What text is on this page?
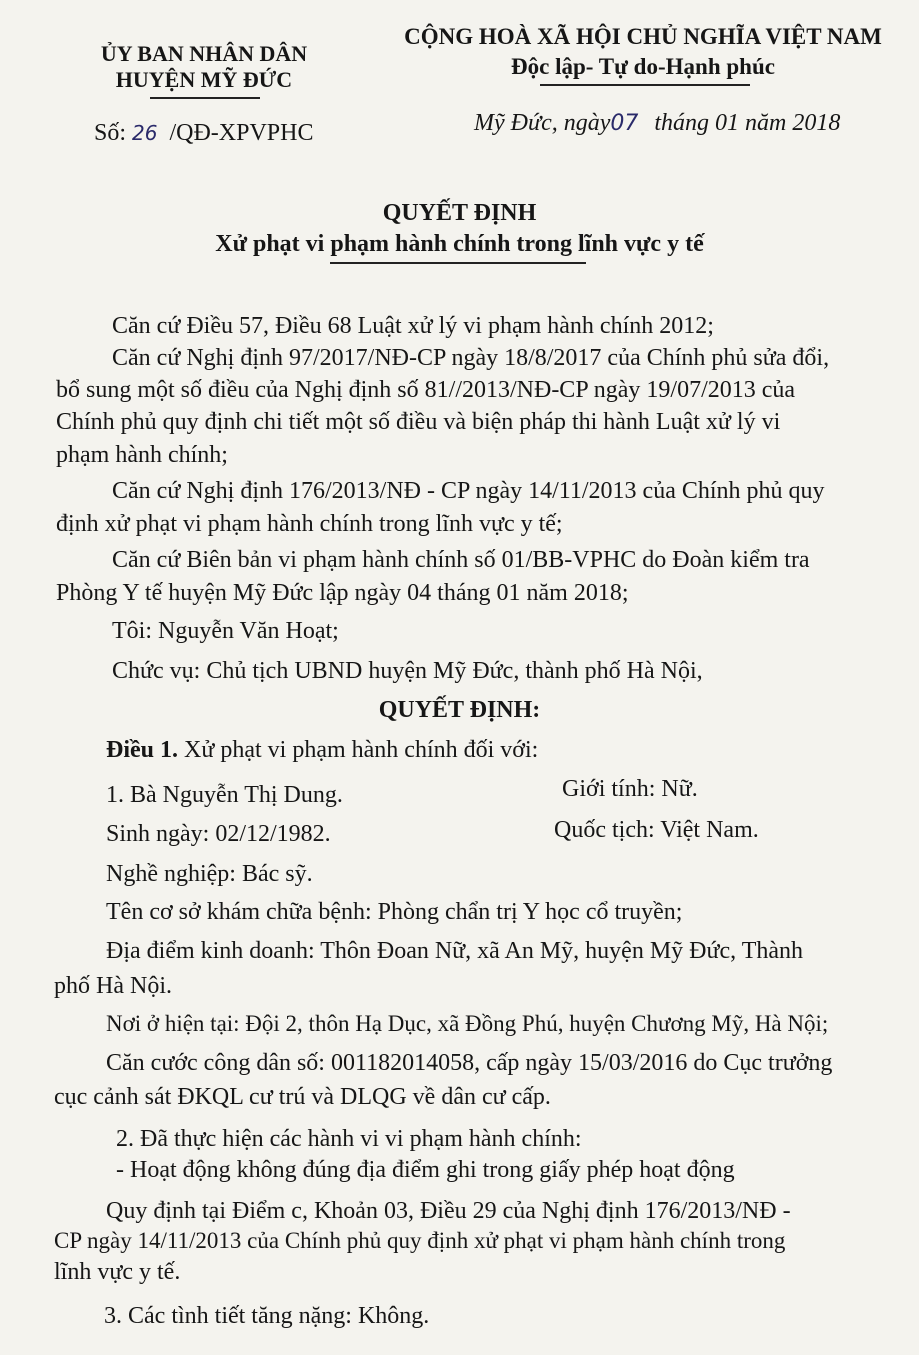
ỦY BAN NHÂN DÂN
HUYỆN MỸ ĐỨC
CỘNG HOÀ XÃ HỘI CHỦ NGHĨA VIỆT NAM
Độc lập- Tự do-Hạnh phúc
Số: 26 /QĐ-XPVPHC	Mỹ Đức, ngày07 tháng 01 năm 2018
QUYẾT ĐỊNH
Xử phạt vi phạm hành chính trong lĩnh vực y tế
Căn cứ Điều 57, Điều 68 Luật xử lý vi phạm hành chính 2012;
Căn cứ Nghị định 97/2017/NĐ-CP ngày 18/8/2017 của Chính phủ sửa đổi,
bổ sung một số điều của Nghị định số 81//2013/NĐ-CP ngày 19/07/2013 của
Chính phủ quy định chi tiết một số điều và biện pháp thi hành Luật xử lý vi
phạm hành chính;
Căn cứ Nghị định 176/2013/NĐ - CP ngày 14/11/2013 của Chính phủ quy
định xử phạt vi phạm hành chính trong lĩnh vực y tế;
Căn cứ Biên bản vi phạm hành chính số 01/BB-VPHC do Đoàn kiểm tra
Phòng Y tế huyện Mỹ Đức lập ngày 04 tháng 01 năm 2018;
Tôi: Nguyễn Văn Hoạt;
Chức vụ: Chủ tịch UBND huyện Mỹ Đức, thành phố Hà Nội,
QUYẾT ĐỊNH:
Điều 1. Xử phạt vi phạm hành chính đối với:
1. Bà Nguyễn Thị Dung.	Giới tính: Nữ.
Sinh ngày: 02/12/1982.	Quốc tịch: Việt Nam.
Nghề nghiệp: Bác sỹ.
Tên cơ sở khám chữa bệnh: Phòng chẩn trị Y học cổ truyền;
Địa điểm kinh doanh: Thôn Đoan Nữ, xã An Mỹ, huyện Mỹ Đức, Thành
phố Hà Nội.
Nơi ở hiện tại: Đội 2, thôn Hạ Dục, xã Đồng Phú, huyện Chương Mỹ, Hà Nội;
Căn cước công dân số: 001182014058, cấp ngày 15/03/2016 do Cục trưởng
cục cảnh sát ĐKQL cư trú và DLQG về dân cư cấp.
2. Đã thực hiện các hành vi vi phạm hành chính:
- Hoạt động không đúng địa điểm ghi trong giấy phép hoạt động
Quy định tại Điểm c, Khoản 03, Điều 29 của Nghị định 176/2013/NĐ -
CP ngày 14/11/2013 của Chính phủ quy định xử phạt vi phạm hành chính trong
lĩnh vực y tế.
3. Các tình tiết tăng nặng: Không.
